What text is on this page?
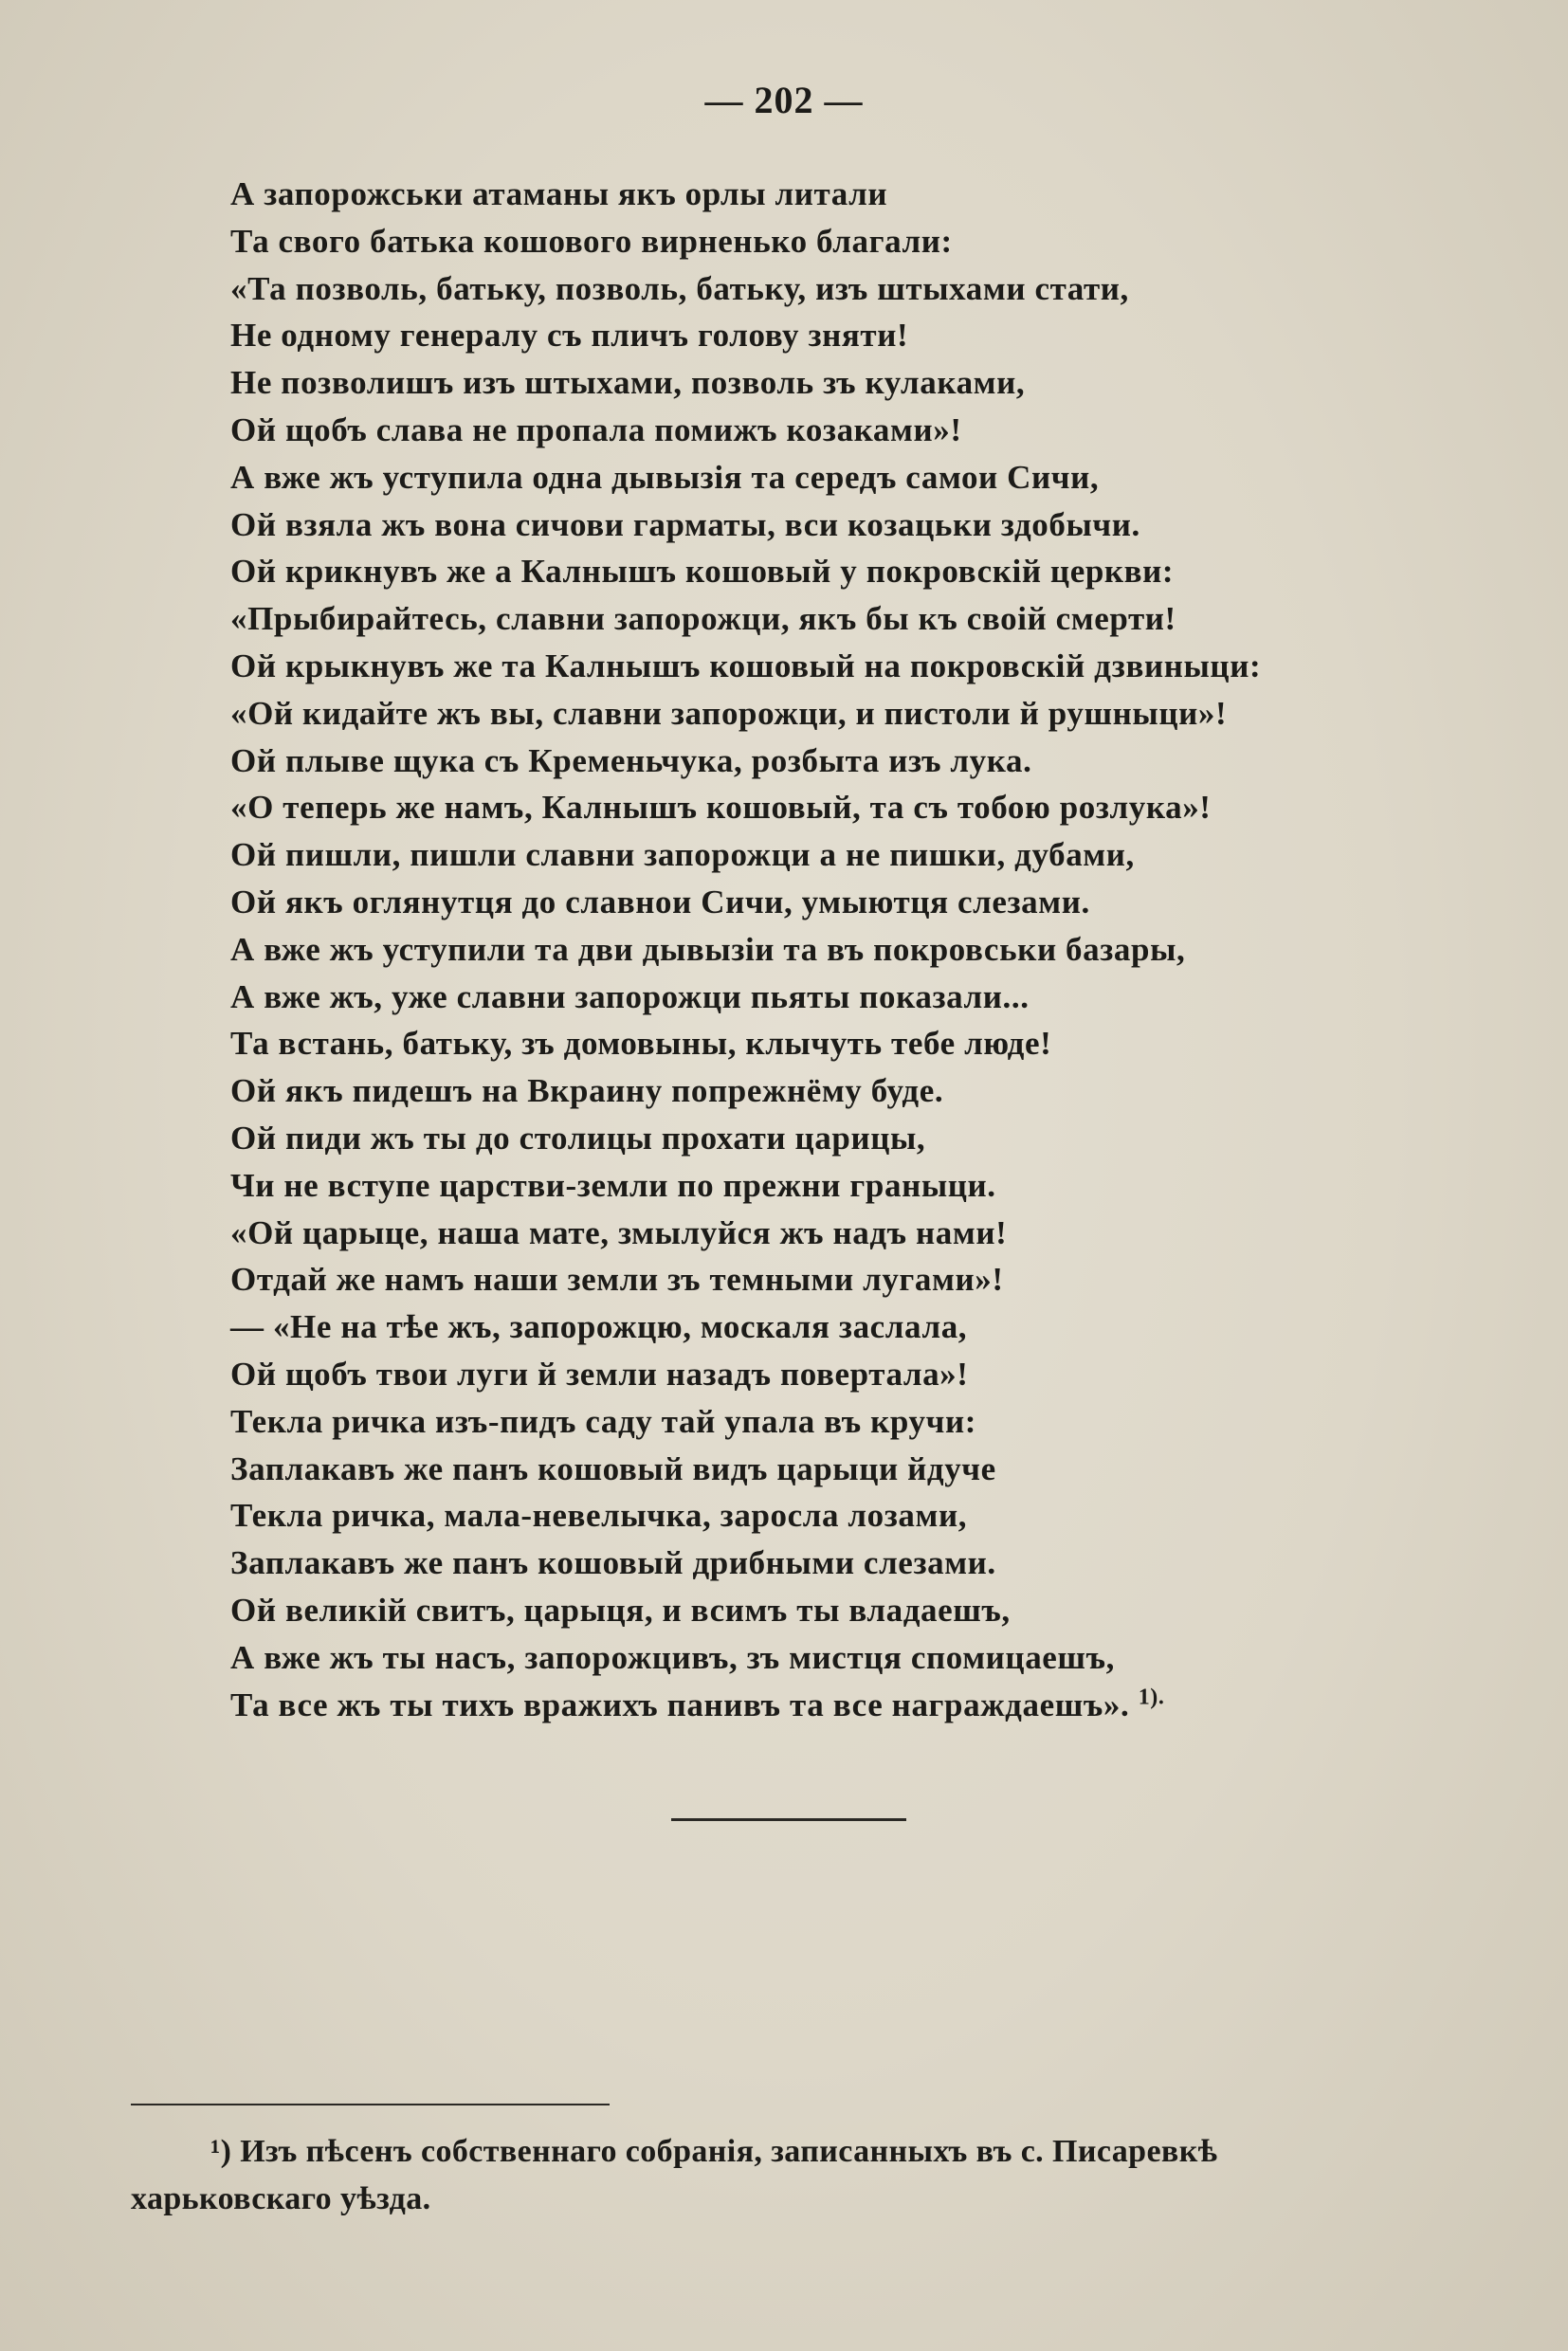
— 202 —
А запорожськи атаманы якъ орлы литали
Та свого батька кошового вирненько благали:
«Та позволь, батьку, позволь, батьку, изъ штыхами стати,
Не одному генералу съ пличъ голову зняти!
Не позволишъ изъ штыхами, позволь зъ кулаками,
Ой щобъ слава не пропала помижъ козаками»!
А вже жъ уступила одна дывызія та середъ самои Сичи,
Ой взяла жъ вона сичови гарматы, вси козацьки здобычи.
Ой крикнувъ же а Калнышъ кошовый у покровскій церкви:
«Прыбирайтесь, славни запорожци, якъ бы къ своій смерти!
Ой крыкнувъ же та Калнышъ кошовый на покровскій дзвиныци:
«Ой кидайте жъ вы, славни запорожци, и пистоли й рушныци»!
Ой плыве щука съ Кременьчука, розбыта изъ лука.
«О теперь же намъ, Калнышъ кошовый, та съ тобою розлука»!
Ой пишли, пишли славни запорожци а не пишки, дубами,
Ой якъ оглянутця до славнои Сичи, умыютця слезами.
А вже жъ уступили та дви дывызіи та въ покровськи базары,
А вже жъ, уже славни запорожци пьяты показали...
Та встань, батьку, зъ домовыны, клычуть тебе люде!
Ой якъ пидешъ на Вкраину попрежнёму буде.
Ой пиди жъ ты до столицы прохати царицы,
Чи не вступе царстви-земли по прежни граныци.
«Ой царыце, наша мате, змылуйся жъ надъ нами!
Отдай же намъ наши земли зъ темными лугами»!
— «Не на тѣе жъ, запорожцю, москаля заслала,
Ой щобъ твои луги й земли назадъ повертала»!
Текла ричка изъ-пидъ саду тай упала въ кручи:
Заплакавъ же панъ кошовый видъ царыци йдуче
Текла ричка, мала-невелычка, заросла лозами,
Заплакавъ же панъ кошовый дрибными слезами.
Ой великій свитъ, царыця, и всимъ ты владаешъ,
А вже жъ ты насъ, запорожцивъ, зъ мистця спомицаешъ,
Та все жъ ты тихъ вражихъ панивъ та все награждаешъ». $^{1).}$
¹) Изъ пѣсенъ собственнаго собранія, записанныхъ въ с. Писаревкѣ
харьковскаго уѣзда.
